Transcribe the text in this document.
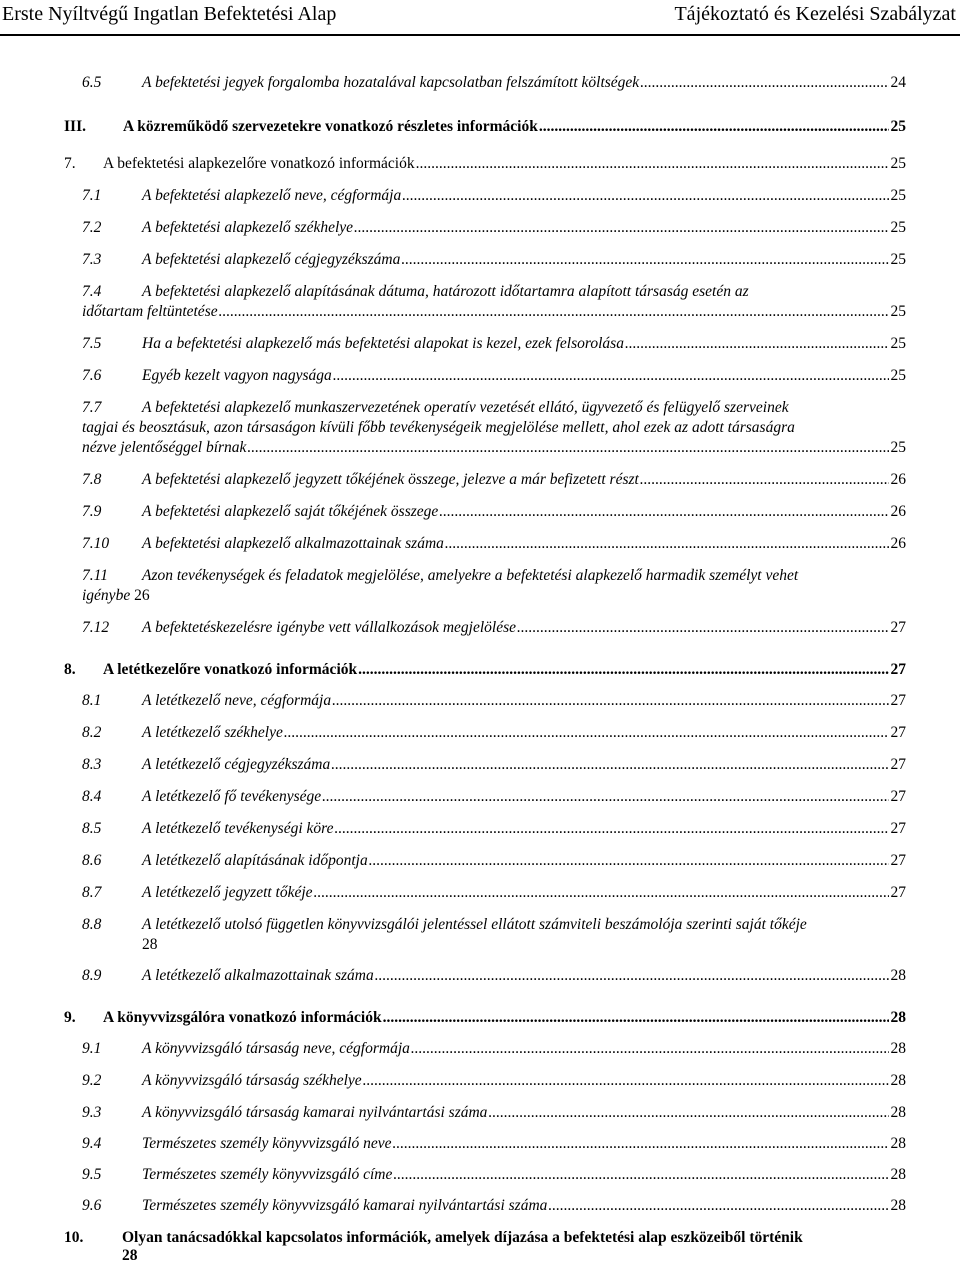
Erste Nyíltvégű Ingatlan Befektetési Alap	Tájékoztató és Kezelési Szabályzat
6.5	A befektetési jegyek forgalomba hozatalával kapcsolatban felszámított költségek .....	24
III. A közreműködő szervezetekre vonatkozó részletes információk .....	25
7. A befektetési alapkezelőre vonatkozó információk .....	25
7.1	A befektetési alapkezelő neve, cégformája .....	25
7.2	A befektetési alapkezelő székhelye .....	25
7.3	A befektetési alapkezelő cégjegyzékszáma .....	25
7.4	A befektetési alapkezelő alapításának dátuma, határozott időtartamra alapított társaság esetén az
időtartam feltüntetése .....	25
7.5	Ha a befektetési alapkezelő más befektetési alapokat is kezel, ezek felsorolása .....	25
7.6	Egyéb kezelt vagyon nagysága .....	25
7.7	A befektetési alapkezelő munkaszervezetének operatív vezetését ellátó, ügyvezető és felügyelő szerveinek
tagjai és beosztásuk, azon társaságon kívüli főbb tevékenységeik megjelölése mellett, ahol ezek az adott társaságra
nézve jelentőséggel bírnak .....	25
7.8	A befektetési alapkezelő jegyzett tőkéjének összege, jelezve a már befizetett részt .....	26
7.9	A befektetési alapkezelő saját tőkéjének összege .....	26
7.10 A befektetési alapkezelő alkalmazottainak száma .....	26
7.11 Azon tevékenységek és feladatok megjelölése, amelyekre a befektetési alapkezelő harmadik személyt vehet
igénybe 26
7.12 A befektetéskezelésre igénybe vett vállalkozások megjelölése .....	27
8. A letétkezelőre vonatkozó információk .....	27
8.1	A letétkezelő neve, cégformája .....	27
8.2	A letétkezelő székhelye .....	27
8.3	A letétkezelő cégjegyzékszáma .....	27
8.4	A letétkezelő fő tevékenysége .....	27
8.5	A letétkezelő tevékenységi köre .....	27
8.6	A letétkezelő alapításának időpontja .....	27
8.7	A letétkezelő jegyzett tőkéje .....	27
8.8	A letétkezelő utolsó független könyvvizsgálói jelentéssel ellátott számviteli beszámolója szerinti saját tőkéje
28
8.9	A letétkezelő alkalmazottainak száma .....	28
9. A könyvvizsgálóra vonatkozó információk .....	28
9.1	A könyvvizsgáló társaság neve, cégformája .....	28
9.2	A könyvvizsgáló társaság székhelye .....	28
9.3	A könyvvizsgáló társaság kamarai nyilvántartási száma .....	28
9.4	Természetes személy könyvvizsgáló neve .....	28
9.5	Természetes személy könyvvizsgáló címe .....	28
9.6	Természetes személy könyvvizsgáló kamarai nyilvántartási száma .....	28
10. Olyan tanácsadókkal kapcsolatos információk, amelyek díjazása a befektetési alap eszközeiből történik
28
